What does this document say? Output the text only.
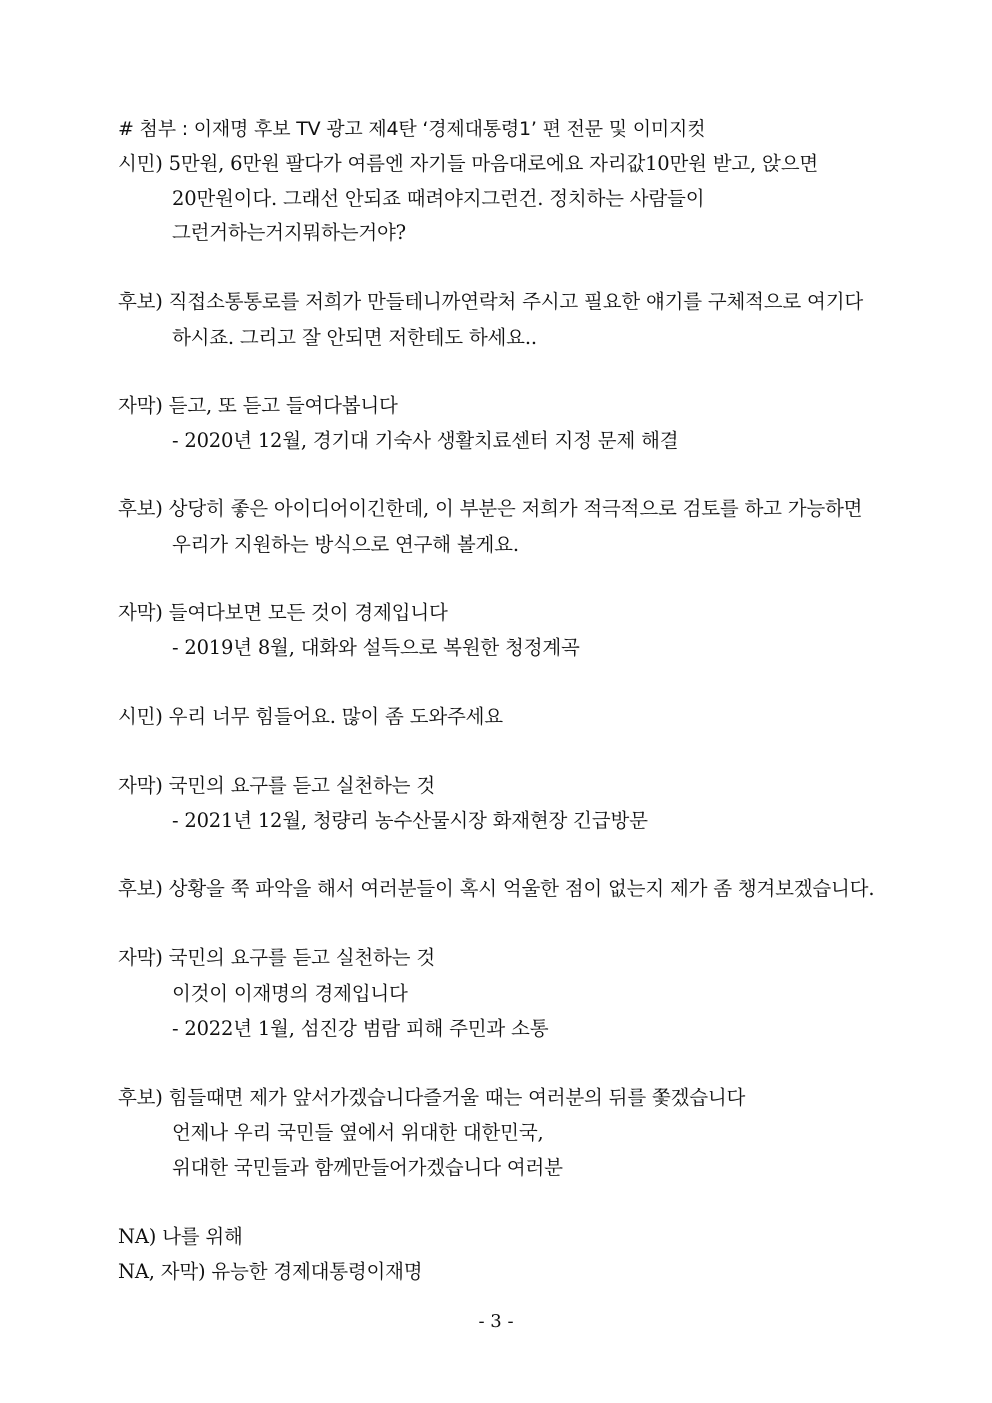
# 첨부 : 이재명 후보 TV 광고 제4탄 ‘경제대통령1’ 편 전문 및 이미지컷
시민) 5만원, 6만원 팔다가 여름엔 자기들 마음대로에요 자리값10만원 받고, 앉으면
20만원이다. 그래선 안되죠 때려야지그런건. 정치하는 사람들이
그런거하는거지뭐하는거야?
후보) 직접소통통로를 저희가 만들테니까연락처 주시고 필요한 얘기를 구체적으로 여기다
하시죠. 그리고 잘 안되면 저한테도 하세요..
자막) 듣고, 또 듣고 들여다봅니다
- 2020년 12월, 경기대 기숙사 생활치료센터 지정 문제 해결
후보) 상당히 좋은 아이디어이긴한데, 이 부분은 저희가 적극적으로 검토를 하고 가능하면
우리가 지원하는 방식으로 연구해 볼게요.
자막) 들여다보면 모든 것이 경제입니다
- 2019년 8월, 대화와 설득으로 복원한 청정계곡
시민) 우리 너무 힘들어요. 많이 좀 도와주세요
자막) 국민의 요구를 듣고 실천하는 것
- 2021년 12월, 청량리 농수산물시장 화재현장 긴급방문
후보) 상황을 쭉 파악을 해서 여러분들이 혹시 억울한 점이 없는지 제가 좀 챙겨보겠습니다.
자막) 국민의 요구를 듣고 실천하는 것
이것이 이재명의 경제입니다
- 2022년 1월, 섬진강 범람 피해 주민과 소통
후보) 힘들때면 제가 앞서가겠습니다즐거울 때는 여러분의 뒤를 쫓겠습니다
언제나 우리 국민들 옆에서 위대한 대한민국,
위대한 국민들과 함께만들어가겠습니다 여러분
NA) 나를 위해
NA, 자막) 유능한 경제대통령이재명
- 3 -
